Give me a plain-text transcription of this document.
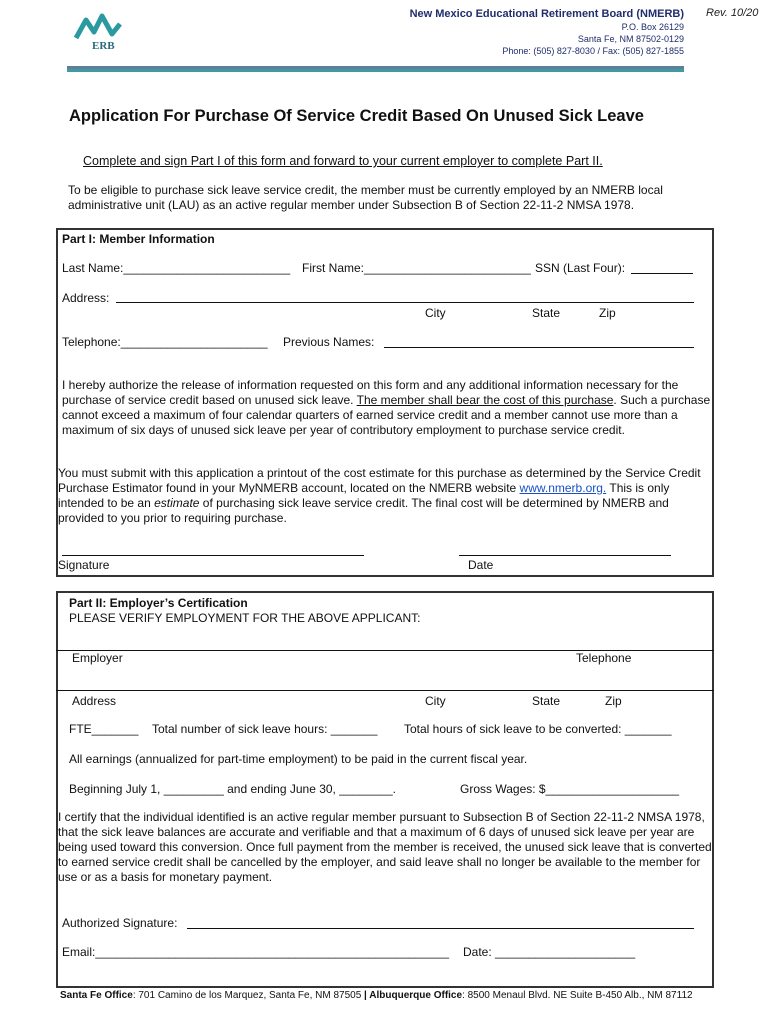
ERB
New Mexico Educational Retirement Board (NMERB)
P.O. Box 26129
Santa Fe, NM 87502-0129
Phone: (505) 827-8030 / Fax: (505) 827-1855
Rev. 10/20
Application For Purchase Of Service Credit Based On Unused Sick Leave
Complete and sign Part I of this form and forward to your current employer to complete Part II.
To be eligible to purchase sick leave service credit, the member must be currently employed by an NMERB local administrative unit (LAU) as an active regular member under Subsection B of Section 22-11-2 NMSA 1978.
Part I: Member Information
Last Name:_________________________ First Name:_________________________ SSN (Last Four):
Address:
City	State	Zip
Telephone:______________________ Previous Names:
I hereby authorize the release of information requested on this form and any additional information necessary for the purchase of service credit based on unused sick leave. The member shall bear the cost of this purchase. Such a purchase cannot exceed a maximum of four calendar quarters of earned service credit and a member cannot use more than a maximum of six days of unused sick leave per year of contributory employment to purchase service credit.
You must submit with this application a printout of the cost estimate for this purchase as determined by the Service Credit Purchase Estimator found in your MyNMERB account, located on the NMERB website www.nmerb.org. This is only intended to be an estimate of purchasing sick leave service credit. The final cost will be determined by NMERB and provided to you prior to requiring purchase.
Signature	Date
Part II: Employer’s Certification
PLEASE VERIFY EMPLOYMENT FOR THE ABOVE APPLICANT:
Employer	Telephone
Address	City	State	Zip
FTE_______ Total number of sick leave hours: _______ Total hours of sick leave to be converted: _______
All earnings (annualized for part-time employment) to be paid in the current fiscal year.
Beginning July 1, _________ and ending June 30, ________.	Gross Wages: $____________________
I certify that the individual identified is an active regular member pursuant to Subsection B of Section 22-11-2 NMSA 1978, that the sick leave balances are accurate and verifiable and that a maximum of 6 days of unused sick leave per year are being used toward this conversion. Once full payment from the member is received, the unused sick leave that is converted to earned service credit shall be cancelled by the employer, and said leave shall no longer be available to the member for use or as a basis for monetary payment.
Authorized Signature:
Email:_____________________________________________________ Date: _____________________
Santa Fe Office: 701 Camino de los Marquez, Santa Fe, NM 87505 | Albuquerque Office: 8500 Menaul Blvd. NE Suite B-450 Alb., NM 87112
